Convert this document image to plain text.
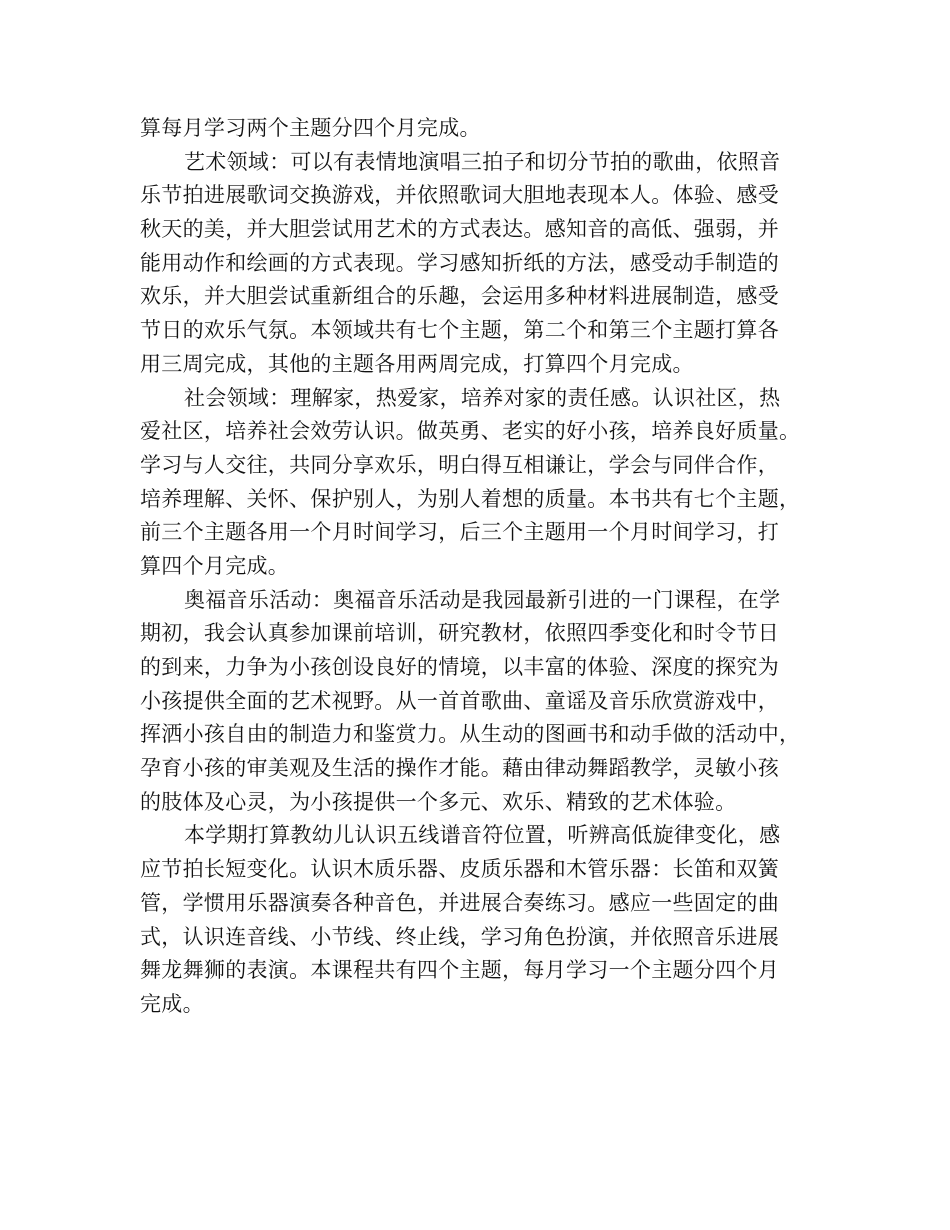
算每月学习两个主题分四个月完成。
艺术领域：可以有表情地演唱三拍子和切分节拍的歌曲，依照音
乐节拍进展歌词交换游戏，并依照歌词大胆地表现本人。体验、感受
秋天的美，并大胆尝试用艺术的方式表达。感知音的高低、强弱，并
能用动作和绘画的方式表现。学习感知折纸的方法，感受动手制造的
欢乐，并大胆尝试重新组合的乐趣，会运用多种材料进展制造，感受
节日的欢乐气氛。本领域共有七个主题，第二个和第三个主题打算各
用三周完成，其他的主题各用两周完成，打算四个月完成。
社会领域：理解家，热爱家，培养对家的责任感。认识社区，热
爱社区，培养社会效劳认识。做英勇、老实的好小孩，培养良好质量。
学习与人交往，共同分享欢乐，明白得互相谦让，学会与同伴合作，
培养理解、关怀、保护别人，为别人着想的质量。本书共有七个主题，
前三个主题各用一个月时间学习，后三个主题用一个月时间学习，打
算四个月完成。
奥福音乐活动：奥福音乐活动是我园最新引进的一门课程，在学
期初，我会认真参加课前培训，研究教材，依照四季变化和时令节日
的到来，力争为小孩创设良好的情境，以丰富的体验、深度的探究为
小孩提供全面的艺术视野。从一首首歌曲、童谣及音乐欣赏游戏中，
挥洒小孩自由的制造力和鉴赏力。从生动的图画书和动手做的活动中，
孕育小孩的审美观及生活的操作才能。藉由律动舞蹈教学，灵敏小孩
的肢体及心灵，为小孩提供一个多元、欢乐、精致的艺术体验。
本学期打算教幼儿认识五线谱音符位置，听辨高低旋律变化，感
应节拍长短变化。认识木质乐器、皮质乐器和木管乐器：长笛和双簧
管，学惯用乐器演奏各种音色，并进展合奏练习。感应一些固定的曲
式，认识连音线、小节线、终止线，学习角色扮演，并依照音乐进展
舞龙舞狮的表演。本课程共有四个主题，每月学习一个主题分四个月
完成。
